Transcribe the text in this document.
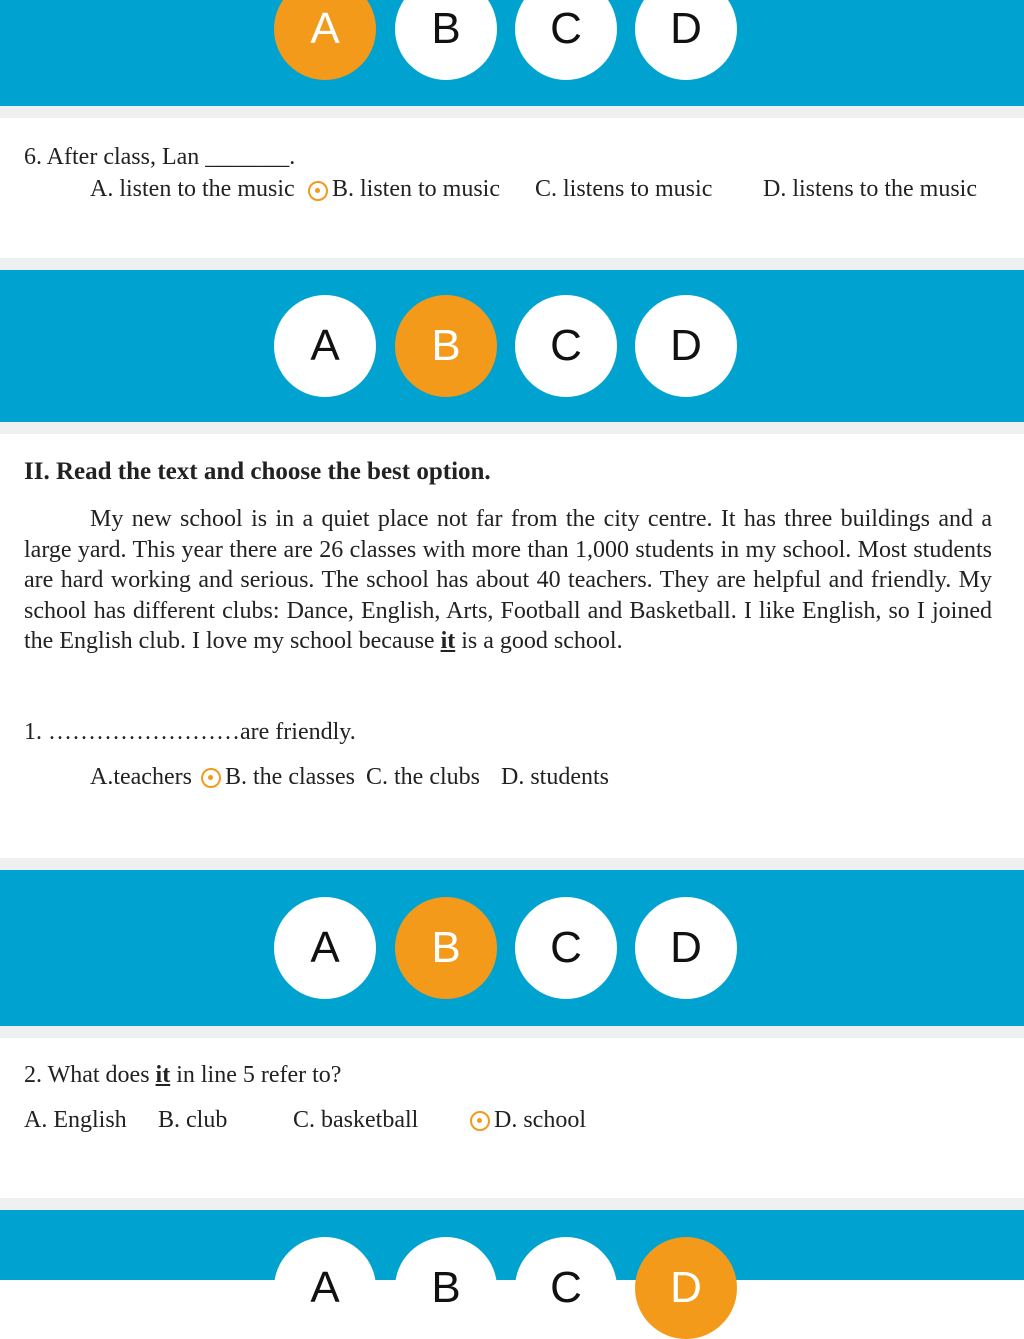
A	B	C	D
6. After class, Lan _______.
A. listen to the music B. listen to music C. listens to music D. listens to the music
A	B	C	D
II. Read the text and choose the best option.

My new school is in a quiet place not far from the city centre. It has three buildings and a large yard. This year there are 26 classes with more than 1,000 students in my school. Most students are hard working and serious. The school has about 40 teachers. They are helpful and friendly. My school has different clubs: Dance, English, Arts, Football and Basketball. I like English, so I joined the English club. I love my school because it is a good school.

1. ……………………are friendly.
A.teachers B. the classes C. the clubs D. students
A	B	C	D
2. What does it in line 5 refer to?
A. English B. club	C. basketball	D. school
A	B	C	D
